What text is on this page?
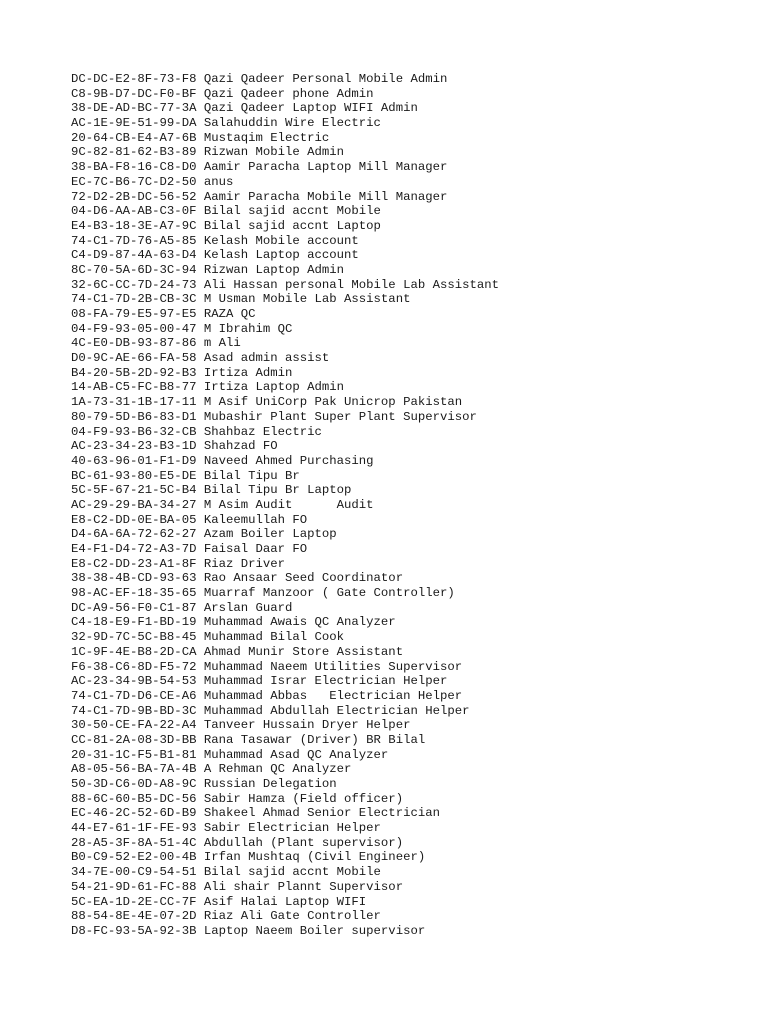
DC-DC-E2-8F-73-F8 Qazi Qadeer Personal Mobile Admin
C8-9B-D7-DC-F0-BF Qazi Qadeer phone Admin
38-DE-AD-BC-77-3A Qazi Qadeer Laptop WIFI Admin
AC-1E-9E-51-99-DA Salahuddin Wire Electric
20-64-CB-E4-A7-6B Mustaqim Electric
9C-82-81-62-B3-89 Rizwan Mobile Admin
38-BA-F8-16-C8-D0 Aamir Paracha Laptop Mill Manager
EC-7C-B6-7C-D2-50 anus
72-D2-2B-DC-56-52 Aamir Paracha Mobile Mill Manager
04-D6-AA-AB-C3-0F Bilal sajid accnt Mobile
E4-B3-18-3E-A7-9C Bilal sajid accnt Laptop
74-C1-7D-76-A5-85 Kelash Mobile account
C4-D9-87-4A-63-D4 Kelash Laptop account
8C-70-5A-6D-3C-94 Rizwan Laptop Admin
32-6C-CC-7D-24-73 Ali Hassan personal Mobile Lab Assistant
74-C1-7D-2B-CB-3C M Usman Mobile Lab Assistant
08-FA-79-E5-97-E5 RAZA QC
04-F9-93-05-00-47 M Ibrahim QC
4C-E0-DB-93-87-86 m Ali
D0-9C-AE-66-FA-58 Asad admin assist
B4-20-5B-2D-92-B3 Irtiza Admin
14-AB-C5-FC-B8-77 Irtiza Laptop Admin
1A-73-31-1B-17-11 M Asif UniCorp Pak Unicrop Pakistan
80-79-5D-B6-83-D1 Mubashir Plant Super Plant Supervisor
04-F9-93-B6-32-CB Shahbaz Electric
AC-23-34-23-B3-1D Shahzad FO
40-63-96-01-F1-D9 Naveed Ahmed Purchasing
BC-61-93-80-E5-DE Bilal Tipu Br
5C-5F-67-21-5C-B4 Bilal Tipu Br Laptop
AC-29-29-BA-34-27 M Asim Audit      Audit
E8-C2-DD-0E-BA-05 Kaleemullah FO
D4-6A-6A-72-62-27 Azam Boiler Laptop
E4-F1-D4-72-A3-7D Faisal Daar FO
E8-C2-DD-23-A1-8F Riaz Driver
38-38-4B-CD-93-63 Rao Ansaar Seed Coordinator
98-AC-EF-18-35-65 Muarraf Manzoor ( Gate Controller)
DC-A9-56-F0-C1-87 Arslan Guard
C4-18-E9-F1-BD-19 Muhammad Awais QC Analyzer
32-9D-7C-5C-B8-45 Muhammad Bilal Cook
1C-9F-4E-B8-2D-CA Ahmad Munir Store Assistant
F6-38-C6-8D-F5-72 Muhammad Naeem Utilities Supervisor
AC-23-34-9B-54-53 Muhammad Israr Electrician Helper
74-C1-7D-D6-CE-A6 Muhammad Abbas   Electrician Helper
74-C1-7D-9B-BD-3C Muhammad Abdullah Electrician Helper
30-50-CE-FA-22-A4 Tanveer Hussain Dryer Helper
CC-81-2A-08-3D-BB Rana Tasawar (Driver) BR Bilal
20-31-1C-F5-B1-81 Muhammad Asad QC Analyzer
A8-05-56-BA-7A-4B A Rehman QC Analyzer
50-3D-C6-0D-A8-9C Russian Delegation
88-6C-60-B5-DC-56 Sabir Hamza (Field officer)
EC-46-2C-52-6D-B9 Shakeel Ahmad Senior Electrician
44-E7-61-1F-FE-93 Sabir Electrician Helper
28-A5-3F-8A-51-4C Abdullah (Plant supervisor)
B0-C9-52-E2-00-4B Irfan Mushtaq (Civil Engineer)
34-7E-00-C9-54-51 Bilal sajid accnt Mobile
54-21-9D-61-FC-88 Ali shair Plannt Supervisor
5C-EA-1D-2E-CC-7F Asif Halai Laptop WIFI
88-54-8E-4E-07-2D Riaz Ali Gate Controller
D8-FC-93-5A-92-3B Laptop Naeem Boiler supervisor
